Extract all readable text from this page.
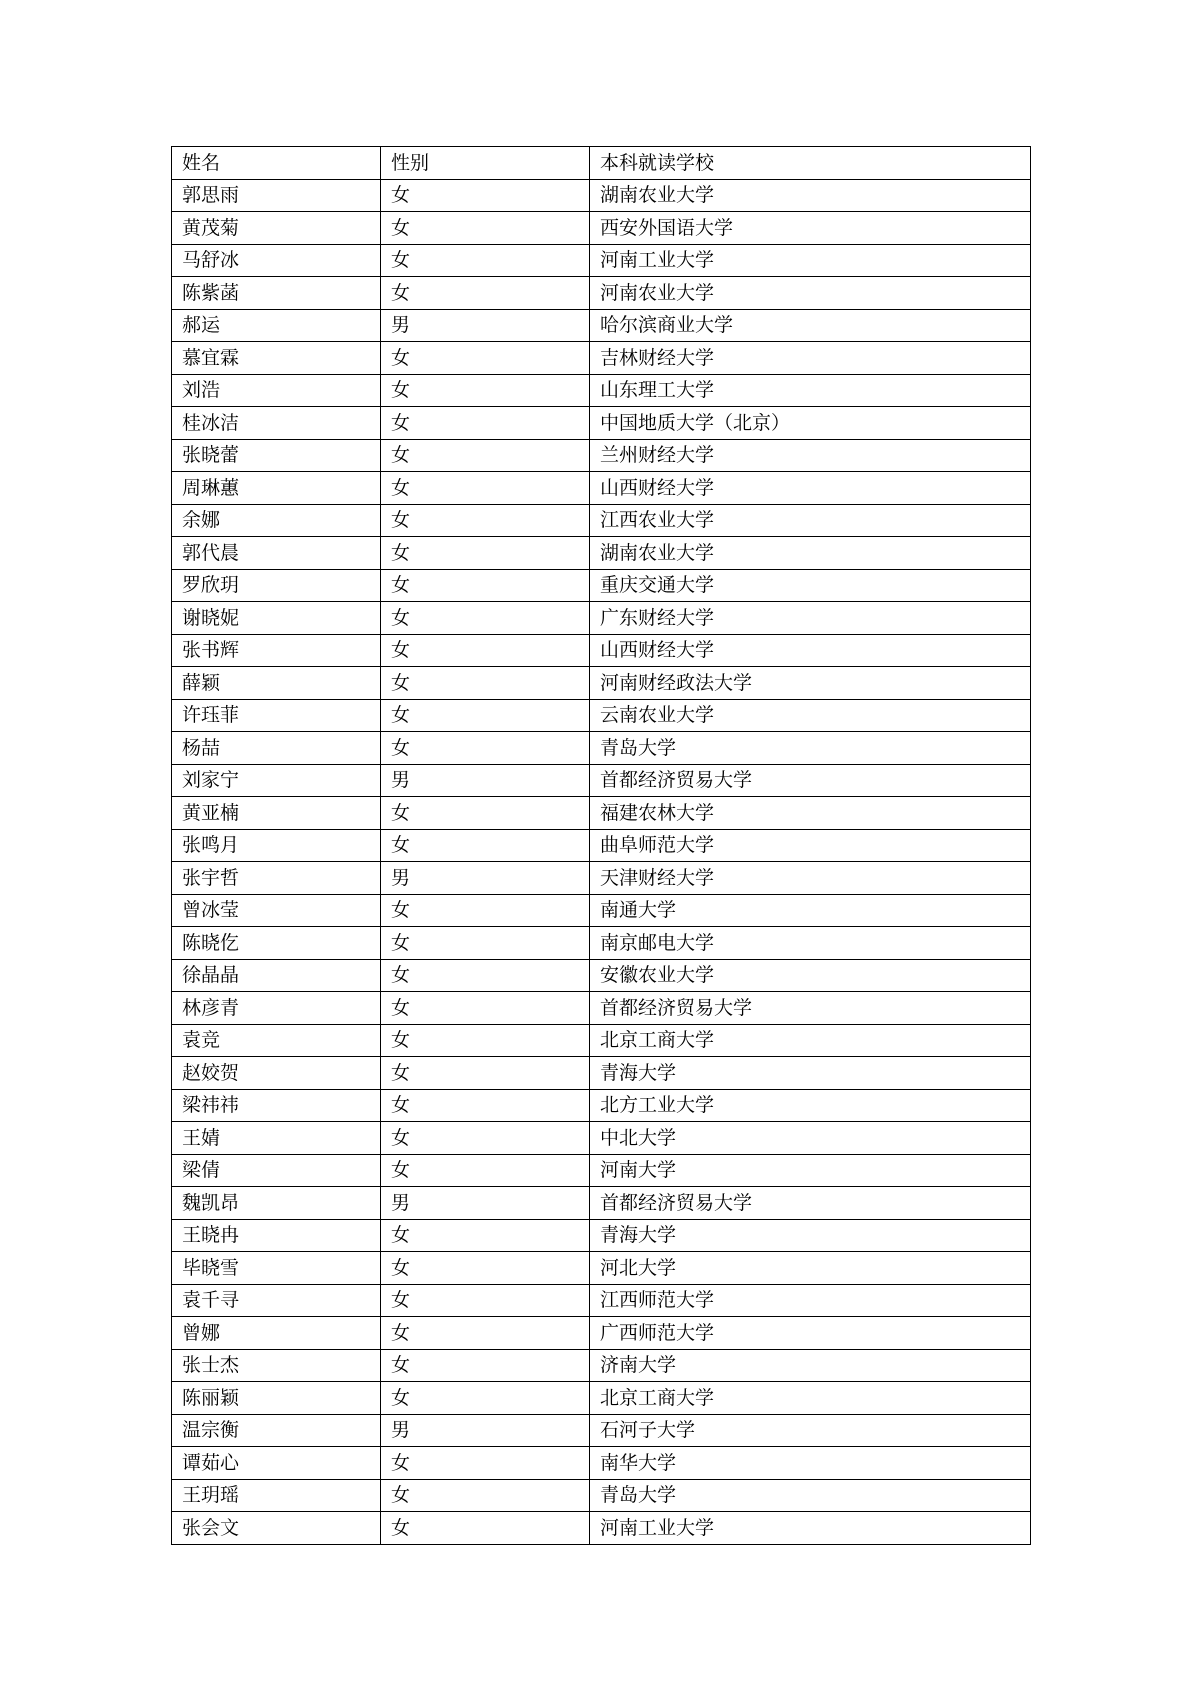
姓名	性别	本科就读学校
郭思雨	女	湖南农业大学
黄茂菊	女	西安外国语大学
马舒冰	女	河南工业大学
陈紫菡	女	河南农业大学
郝运	男	哈尔滨商业大学
慕宜霖	女	吉林财经大学
刘浩	女	山东理工大学
桂冰洁	女	中国地质大学（北京）
张晓蕾	女	兰州财经大学
周琳蕙	女	山西财经大学
余娜	女	江西农业大学
郭代晨	女	湖南农业大学
罗欣玥	女	重庆交通大学
谢晓妮	女	广东财经大学
张书辉	女	山西财经大学
薛颖	女	河南财经政法大学
许珏菲	女	云南农业大学
杨喆	女	青岛大学
刘家宁	男	首都经济贸易大学
黄亚楠	女	福建农林大学
张鸣月	女	曲阜师范大学
张宇哲	男	天津财经大学
曾冰莹	女	南通大学
陈晓仡	女	南京邮电大学
徐晶晶	女	安徽农业大学
林彦青	女	首都经济贸易大学
袁竞	女	北京工商大学
赵姣贺	女	青海大学
梁祎祎	女	北方工业大学
王婧	女	中北大学
梁倩	女	河南大学
魏凯昂	男	首都经济贸易大学
王晓冉	女	青海大学
毕晓雪	女	河北大学
袁千寻	女	江西师范大学
曾娜	女	广西师范大学
张士杰	女	济南大学
陈丽颖	女	北京工商大学
温宗衡	男	石河子大学
谭茹心	女	南华大学
王玥瑶	女	青岛大学
张会文	女	河南工业大学
